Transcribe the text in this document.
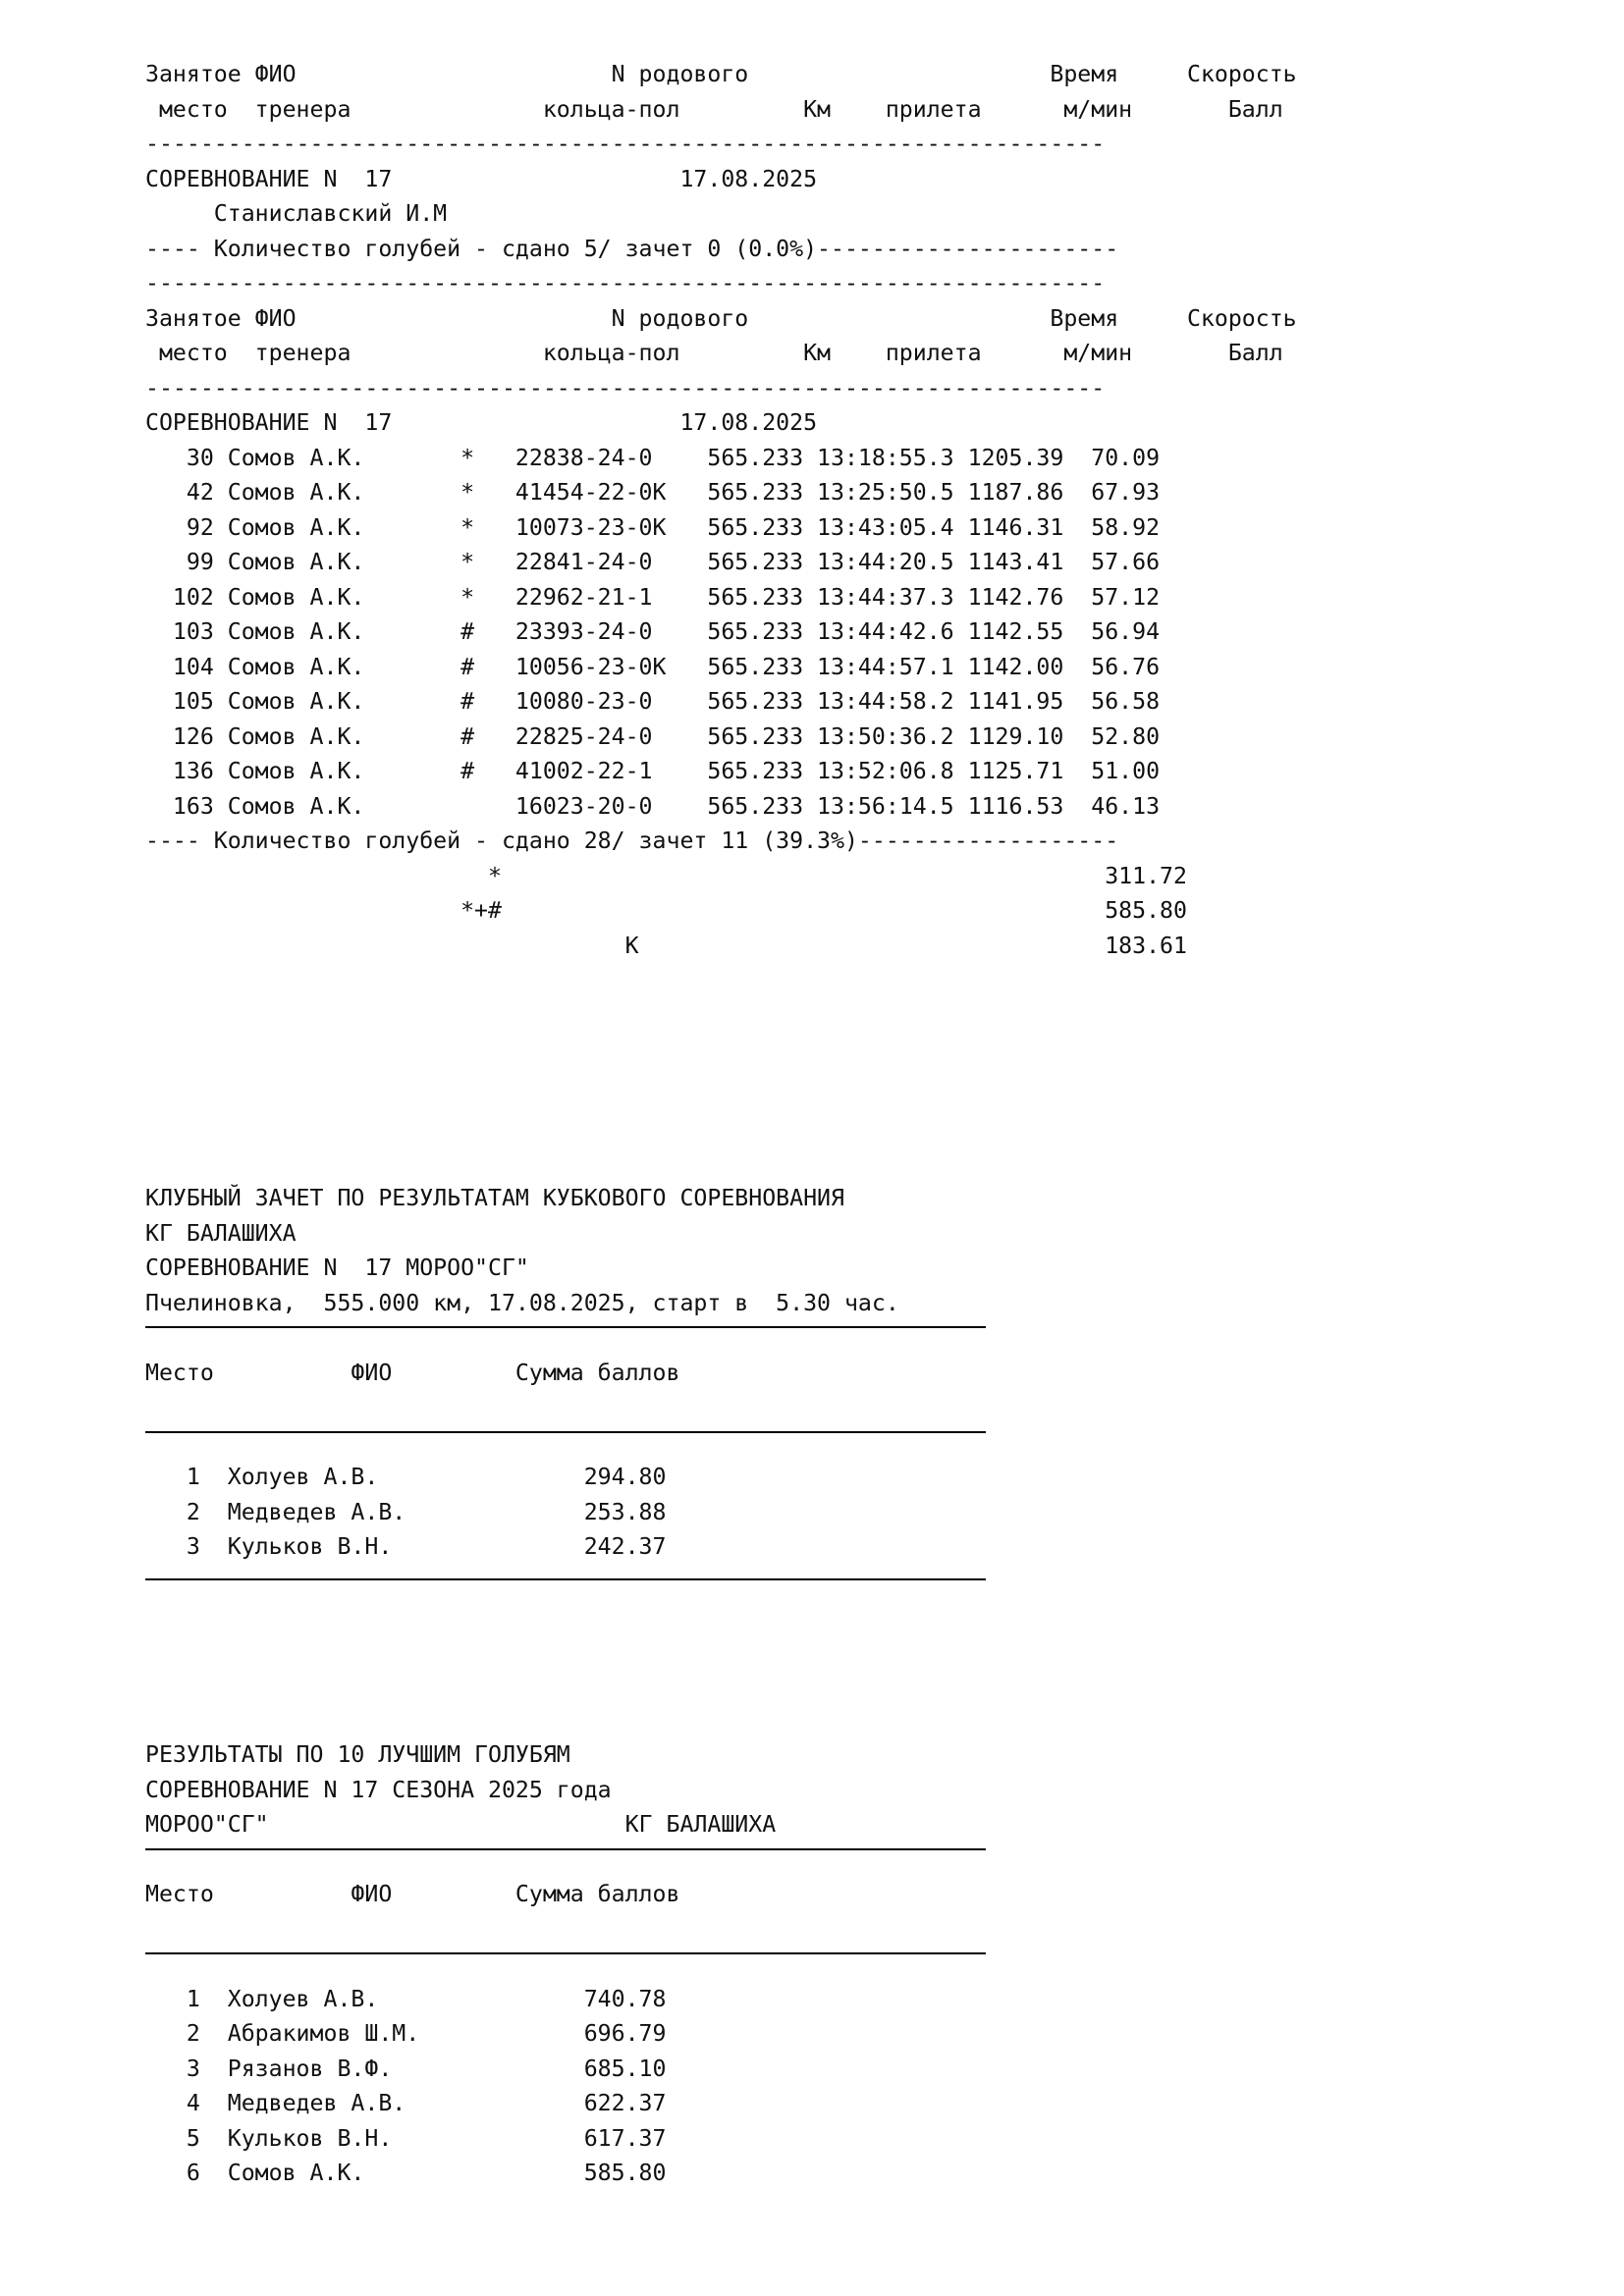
Занятое ФИО                       N родового                      Время     Скорость
место  тренера              кольца-пол         Км    прилета      м/мин       Балл
----------------------------------------------------------------------
СОРЕВНОВАНИЕ N  17                     17.08.2025
Станиславский И.М
---- Количество голубей - сдано 5/ зачет 0 (0.0%)----------------------
----------------------------------------------------------------------
Занятое ФИО                       N родового                      Время     Скорость
место  тренера              кольца-пол         Км    прилета      м/мин       Балл
----------------------------------------------------------------------
СОРЕВНОВАНИЕ N  17                     17.08.2025
30 Сомов А.К.       *   22838-24-0    565.233 13:18:55.3 1205.39  70.09
42 Сомов А.К.       *   41454-22-0К   565.233 13:25:50.5 1187.86  67.93
92 Сомов А.К.       *   10073-23-0К   565.233 13:43:05.4 1146.31  58.92
99 Сомов А.К.       *   22841-24-0    565.233 13:44:20.5 1143.41  57.66
102 Сомов А.К.       *   22962-21-1    565.233 13:44:37.3 1142.76  57.12
103 Сомов А.К.       #   23393-24-0    565.233 13:44:42.6 1142.55  56.94
104 Сомов А.К.       #   10056-23-0К   565.233 13:44:57.1 1142.00  56.76
105 Сомов А.К.       #   10080-23-0    565.233 13:44:58.2 1141.95  56.58
126 Сомов А.К.       #   22825-24-0    565.233 13:50:36.2 1129.10  52.80
136 Сомов А.К.       #   41002-22-1    565.233 13:52:06.8 1125.71  51.00
163 Сомов А.К.           16023-20-0    565.233 13:56:14.5 1116.53  46.13
---- Количество голубей - сдано 28/ зачет 11 (39.3%)-------------------
*                                            311.72
*+#                                            585.80
К                                  183.61
КЛУБНЫЙ ЗАЧЕТ ПО РЕЗУЛЬТАТАМ КУБКОВОГО СОРЕВНОВАНИЯ
КГ БАЛАШИХА
СОРЕВНОВАНИЕ N  17 МОРОО"СГ"
Пчелиновка,  555.000 км, 17.08.2025, старт в  5.30 час.

Место          ФИО         Сумма баллов

1  Холуев А.В.               294.80
2  Медведев А.В.             253.88
3  Кульков В.Н.              242.37
РЕЗУЛЬТАТЫ ПО 10 ЛУЧШИМ ГОЛУБЯМ
СОРЕВНОВАНИЕ N 17 СЕЗОНА 2025 года
МОРОО"СГ"                          КГ БАЛАШИХА

Место          ФИО         Сумма баллов

1  Холуев А.В.               740.78
2  Абракимов Ш.М.            696.79
3  Рязанов В.Ф.              685.10
4  Медведев А.В.             622.37
5  Кульков В.Н.              617.37
6  Сомов А.К.                585.80
